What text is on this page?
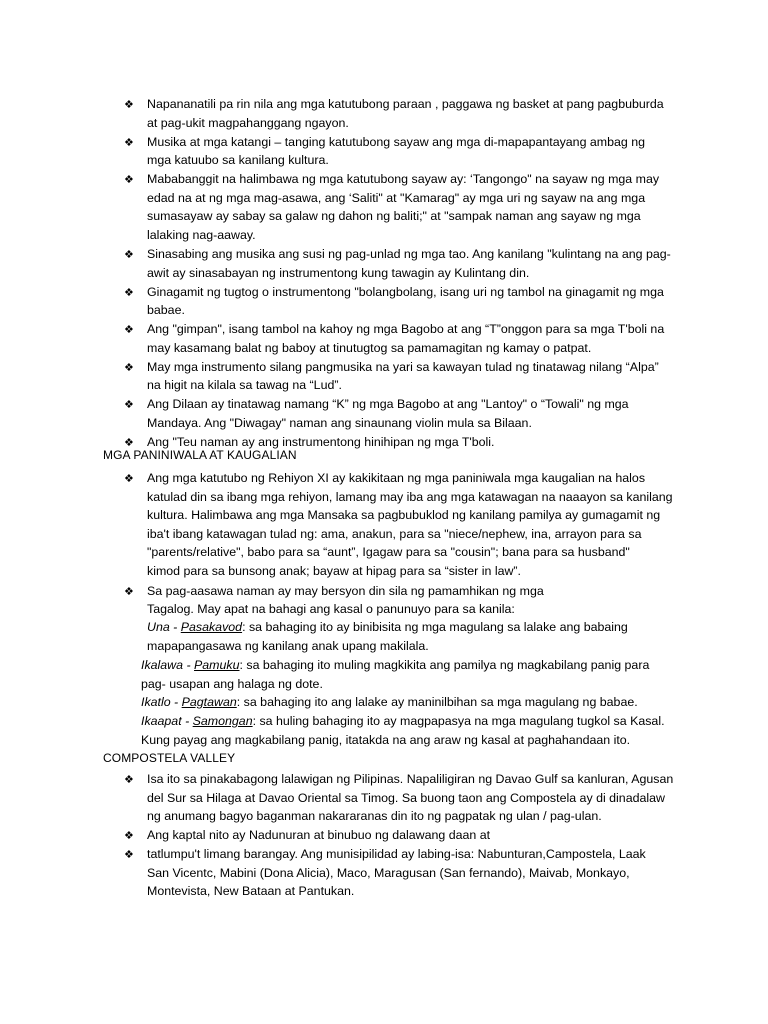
❖	Napananatili pa rin nila ang mga katutubong paraan , paggawa ng basket at pang pagbuburda
at pag-ukit magpahanggang ngayon.
❖	Musika at mga katangi – tanging katutubong sayaw ang mga di-mapapantayang ambag ng
mga katuubo sa kanilang kultura.
❖	Mababanggit na halimbawa ng mga katutubong sayaw ay: ‘Tangongo" na sayaw ng mga may
edad na at ng mga mag-asawa, ang ‘Saliti" at "Kamarag" ay mga uri ng sayaw na ang mga
sumasayaw ay sabay sa galaw ng dahon ng baliti;" at "sampak naman ang sayaw ng mga
lalaking nag-aaway.
❖	Sinasabing ang musika ang susi ng pag-unlad ng mga tao. Ang kanilang "kulintang na ang pag-
awit ay sinasabayan ng instrumentong kung tawagin ay Kulintang din.
❖	Ginagamit ng tugtog o instrumentong "bolangbolang, isang uri ng tambol na ginagamit ng mga
babae.
❖	Ang "gimpan", isang tambol na kahoy ng mga Bagobo at ang “T”onggon para sa mga T'boli na
may kasamang balat ng baboy at tinutugtog sa pamamagitan ng kamay o patpat.
❖	May mga instrumento silang pangmusika na yari sa kawayan tulad ng tinatawag nilang “Alpa”
na higit na kilala sa tawag na “Lud”.
❖	Ang Dilaan ay tinatawag namang “K” ng mga Bagobo at ang "Lantoy" o “Towali" ng mga
Mandaya. Ang "Diwagay" naman ang sinaunang violin mula sa Bilaan.
❖	Ang "Teu naman ay ang instrumentong hinihipan ng mga T'boli.
MGA PANINIWALA AT KAUGALIAN
❖	Ang mga katutubo ng Rehiyon XI ay kakikitaan ng mga paniniwala mga kaugalian na halos
katulad din sa ibang mga rehiyon, lamang may iba ang mga katawagan na naaayon sa kanilang
kultura. Halimbawa ang mga Mansaka sa pagbubuklod ng kanilang pamilya ay gumagamit ng
iba't ibang katawagan tulad ng: ama, anakun, para sa "niece/nephew, ina, arrayon para sa
"parents/relative", babo para sa “aunt”, Igagaw para sa "cousin"; bana para sa husband"
kimod para sa bunsong anak; bayaw at hipag para sa “sister in law”.
❖	Sa pag-aasawa naman ay may bersyon din sila ng pamamhikan ng mga
Tagalog. May apat na bahagi ang kasal o panunuyo para sa kanila:
Una - Pasakavod: sa bahaging ito ay binibisita ng mga magulang sa lalake ang babaing
mapapangasawa ng kanilang anak upang makilala.
Ikalawa - Pamuku: sa bahaging ito muling magkikita ang pamilya ng magkabilang panig para
pag- usapan ang halaga ng dote.
Ikatlo - Pagtawan: sa bahaging ito ang lalake ay maninilbihan sa mga magulang ng babae.
Ikaapat - Samongan: sa huling bahaging ito ay magpapasya na mga magulang tugkol sa Kasal.
Kung payag ang magkabilang panig, itatakda na ang araw ng kasal at paghahandaan ito.
COMPOSTELA VALLEY
❖	Isa ito sa pinakabagong lalawigan ng Pilipinas. Napaliligiran ng Davao Gulf sa kanluran, Agusan
del Sur sa Hilaga at Davao Oriental sa Timog. Sa buong taon ang Compostela ay di dinadalaw
ng anumang bagyo baganman nakararanas din ito ng pagpatak ng ulan / pag-ulan.
❖	Ang kaptal nito ay Nadunuran at binubuo ng dalawang daan at
❖	tatlumpu't limang barangay. Ang munisipilidad ay labing-isa: Nabunturan,Campostela, Laak
San Vicentc, Mabini (Dona Alicia), Maco, Maragusan (San fernando), Maivab, Monkayo,
Montevista, New Bataan at Pantukan.
